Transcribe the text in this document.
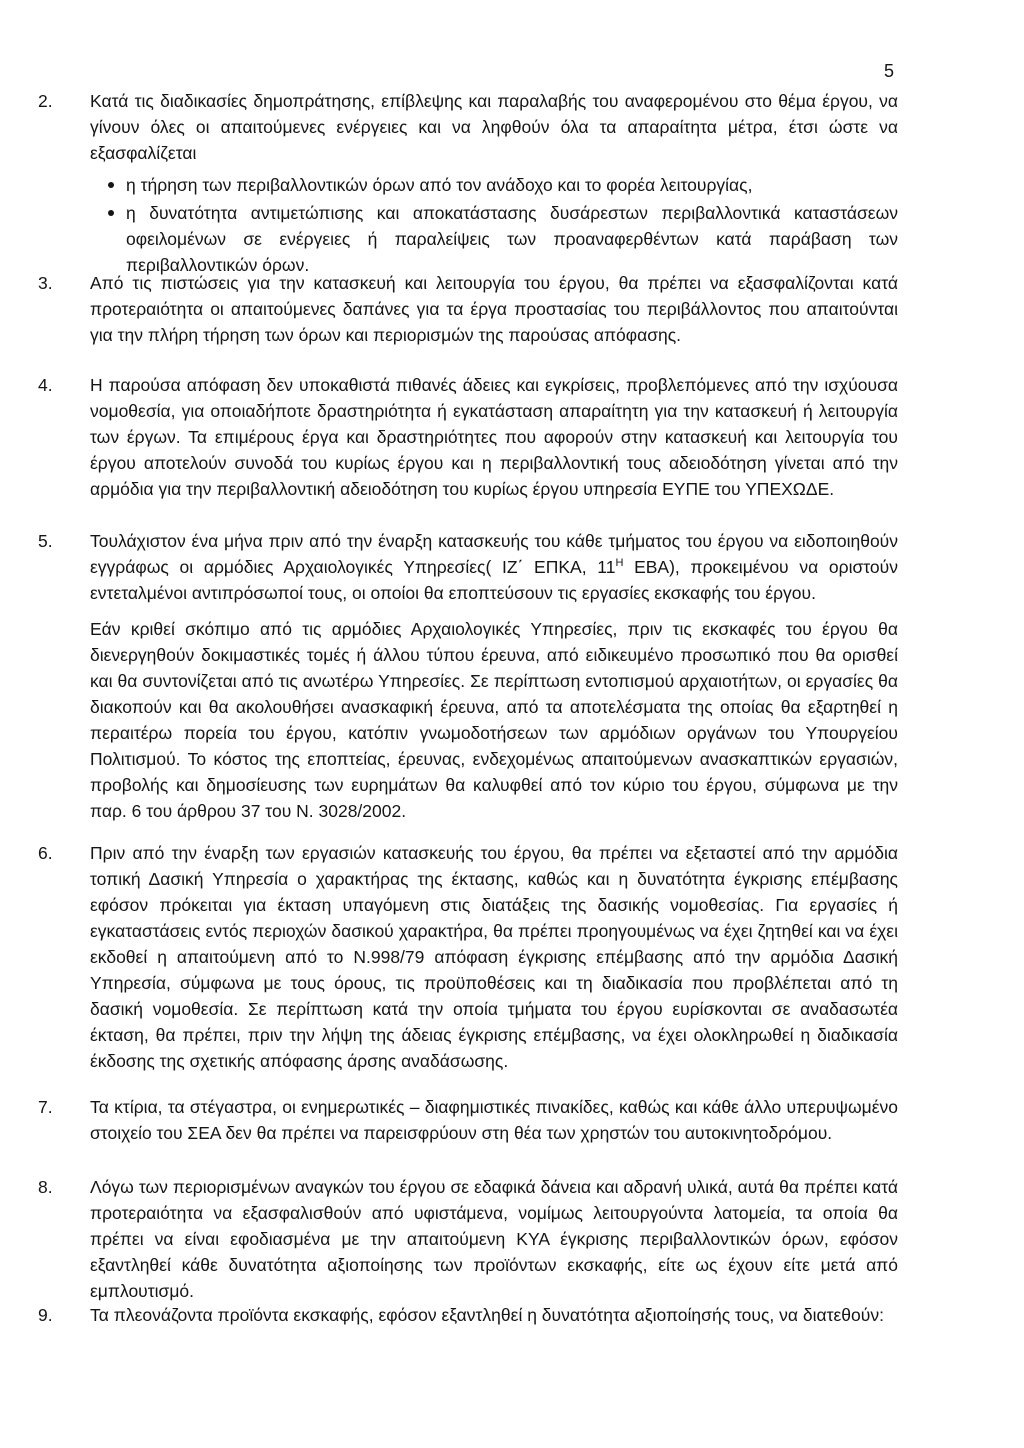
5
2.	Κατά τις διαδικασίες δημοπράτησης, επίβλεψης και παραλαβής του αναφερομένου στο θέμα έργου, να γίνουν όλες οι απαιτούμενες ενέργειες και να ληφθούν όλα τα απαραίτητα μέτρα, έτσι ώστε να εξασφαλίζεται
η τήρηση των περιβαλλοντικών όρων από τον ανάδοχο και το φορέα λειτουργίας,
η δυνατότητα αντιμετώπισης και αποκατάστασης δυσάρεστων περιβαλλοντικά καταστάσεων οφειλομένων σε ενέργειες ή παραλείψεις των προαναφερθέντων κατά παράβαση των περιβαλλοντικών όρων.
3.	Από τις πιστώσεις για την κατασκευή και λειτουργία του έργου, θα πρέπει να εξασφαλίζονται κατά προτεραιότητα οι απαιτούμενες δαπάνες για τα έργα προστασίας του περιβάλλοντος που απαιτούνται για την πλήρη τήρηση των όρων και περιορισμών της παρούσας απόφασης.
4.	Η παρούσα απόφαση δεν υποκαθιστά πιθανές άδειες και εγκρίσεις, προβλεπόμενες από την ισχύουσα νομοθεσία, για οποιαδήποτε δραστηριότητα ή εγκατάσταση απαραίτητη για την κατασκευή ή λειτουργία των έργων. Τα επιμέρους έργα και δραστηριότητες που αφορούν στην κατασκευή και λειτουργία του έργου αποτελούν συνοδά του κυρίως έργου και η περιβαλλοντική τους αδειοδότηση γίνεται από την αρμόδια για την περιβαλλοντική αδειοδότηση του κυρίως έργου υπηρεσία ΕΥΠΕ του ΥΠΕΧΩΔΕ.
5.	Τουλάχιστον ένα μήνα πριν από την έναρξη κατασκευής του κάθε τμήματος του έργου να ειδοποιηθούν εγγράφως οι αρμόδιες Αρχαιολογικές Υπηρεσίες( ΙΖ΄ ΕΠΚΑ, $11^H$ ΕΒΑ), προκειμένου να οριστούν εντεταλμένοι αντιπρόσωποί τους, οι οποίοι θα εποπτεύσουν τις εργασίες εκσκαφής του έργου.
Εάν κριθεί σκόπιμο από τις αρμόδιες Αρχαιολογικές Υπηρεσίες, πριν τις εκσκαφές του έργου θα διενεργηθούν δοκιμαστικές τομές ή άλλου τύπου έρευνα, από ειδικευμένο προσωπικό που θα ορισθεί και θα συντονίζεται από τις ανωτέρω Υπηρεσίες. Σε περίπτωση εντοπισμού αρχαιοτήτων, οι εργασίες θα διακοπούν και θα ακολουθήσει ανασκαφική έρευνα, από τα αποτελέσματα της οποίας θα εξαρτηθεί η περαιτέρω πορεία του έργου, κατόπιν γνωμοδοτήσεων των αρμόδιων οργάνων του Υπουργείου Πολιτισμού. Το κόστος της εποπτείας, έρευνας, ενδεχομένως απαιτούμενων ανασκαπτικών εργασιών, προβολής και δημοσίευσης των ευρημάτων θα καλυφθεί από τον κύριο του έργου, σύμφωνα με την παρ. 6 του άρθρου 37 του Ν. 3028/2002.
6.	Πριν από την έναρξη των εργασιών κατασκευής του έργου, θα πρέπει να εξεταστεί από την αρμόδια τοπική Δασική Υπηρεσία ο χαρακτήρας της έκτασης, καθώς και η δυνατότητα έγκρισης επέμβασης εφόσον πρόκειται για έκταση υπαγόμενη στις διατάξεις της δασικής νομοθεσίας. Για εργασίες ή εγκαταστάσεις εντός περιοχών δασικού χαρακτήρα, θα πρέπει προηγουμένως να έχει ζητηθεί και να έχει εκδοθεί η απαιτούμενη από το Ν.998/79 απόφαση έγκρισης επέμβασης από την αρμόδια Δασική Υπηρεσία, σύμφωνα με τους όρους, τις προϋποθέσεις και τη διαδικασία που προβλέπεται από τη δασική νομοθεσία. Σε περίπτωση κατά την οποία τμήματα του έργου ευρίσκονται σε αναδασωτέα έκταση, θα πρέπει, πριν την λήψη της άδειας έγκρισης επέμβασης, να έχει ολοκληρωθεί η διαδικασία έκδοσης της σχετικής απόφασης άρσης αναδάσωσης.
7.	Τα κτίρια, τα στέγαστρα, οι ενημερωτικές – διαφημιστικές πινακίδες, καθώς και κάθε άλλο υπερυψωμένο στοιχείο του ΣΕΑ δεν θα πρέπει να παρεισφρύουν στη θέα των χρηστών του αυτοκινητοδρόμου.
8.	Λόγω των περιορισμένων αναγκών του έργου σε εδαφικά δάνεια και αδρανή υλικά, αυτά θα πρέπει κατά προτεραιότητα να εξασφαλισθούν από υφιστάμενα, νομίμως λειτουργούντα λατομεία, τα οποία θα πρέπει να είναι εφοδιασμένα με την απαιτούμενη ΚΥΑ έγκρισης περιβαλλοντικών όρων, εφόσον εξαντληθεί κάθε δυνατότητα αξιοποίησης των προϊόντων εκσκαφής, είτε ως έχουν είτε μετά από εμπλουτισμό.
9.	Τα πλεονάζοντα προϊόντα εκσκαφής, εφόσον εξαντληθεί η δυνατότητα αξιοποίησής τους, να διατεθούν:
